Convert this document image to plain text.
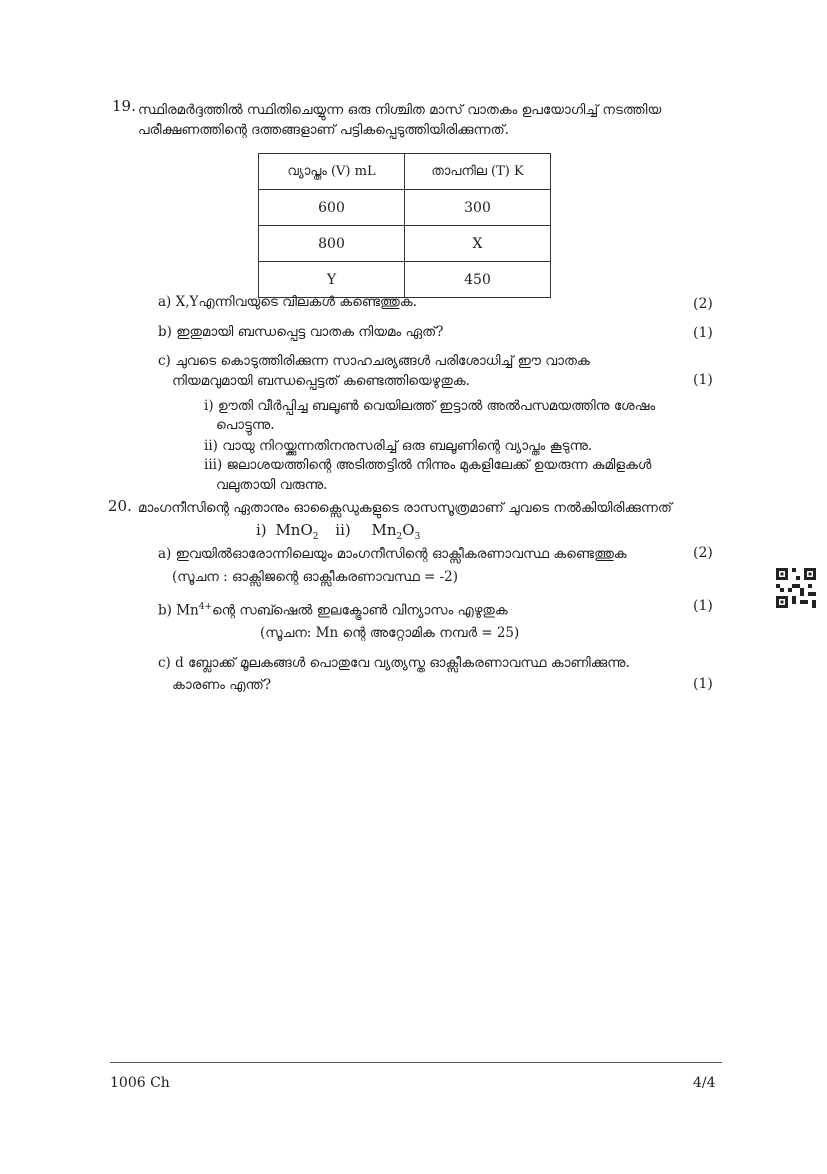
19. സ്ഥിരമർദ്ദത്തിൽ സ്ഥിതിചെയ്യുന്ന ഒരു നിശ്ചിത മാസ് വാതകം ഉപയോഗിച്ച് നടത്തിയ
പരീക്ഷണത്തിന്റെ ദത്തങ്ങളാണ് പട്ടികപ്പെടുത്തിയിരിക്കുന്നത്.
വ്യാപ്തം (V) mL	താപനില (T) K
600	300
800	X
Y	450
a) X,Yഎന്നിവയുടെ വിലകൾ കണ്ടെത്തുക.	(2)
b) ഇതുമായി ബന്ധപ്പെട്ട വാതക നിയമം ഏത്?	(1)
c) ചുവടെ കൊടുത്തിരിക്കുന്ന സാഹചര്യങ്ങൾ പരിശോധിച്ച് ഈ വാതക
നിയമവുമായി ബന്ധപ്പെട്ടത് കണ്ടെത്തിയെഴുതുക.	(1)
i) ഊതി വീർപ്പിച്ച ബലൂൺ വെയിലത്ത് ഇട്ടാൽ അൽപസമയത്തിനു ശേഷം
പൊട്ടുന്നു.
ii) വായു നിറയ്ക്കുന്നതിനനുസരിച്ച് ഒരു ബലൂണിന്റെ വ്യാപ്തം കൂടുന്നു.
iii) ജലാശയത്തിന്റെ അടിത്തട്ടിൽ നിന്നും മുകളിലേക്ക് ഉയരുന്ന കുമിളകൾ
വലുതായി വരുന്നു.
20. മാംഗനീസിന്റെ ഏതാനും ഓക്സൈഡുകളുടെ രാസസൂത്രമാണ് ചുവടെ നൽകിയിരിക്കുന്നത്
i) MnO$_2$ ii) $Mn_2O_3$
a) ഇവയിൽഓരോന്നിലെയും മാംഗനീസിന്റെ ഓക്സീകരണാവസ്ഥ കണ്ടെത്തുക	(2)
(സൂചന : ഓക്സിജന്റെ ഓക്സീകരണാവസ്ഥ = -2)
b) $Mn^{4+}ന്റെ$ സബ്ഷെൽ ഇലക്ട്രോൺ വിന്യാസം എഴുതുക	(1)
(സൂചന: Mn ന്റെ അറ്റോമിക നമ്പർ = 25)
c) d ബ്ലോക്ക് മൂലകങ്ങൾ പൊതുവേ വ്യത്യസ്ത ഓക്സീകരണാവസ്ഥ കാണിക്കുന്നു.
കാരണം എന്ത്?	(1)
1006 Ch	4/4
